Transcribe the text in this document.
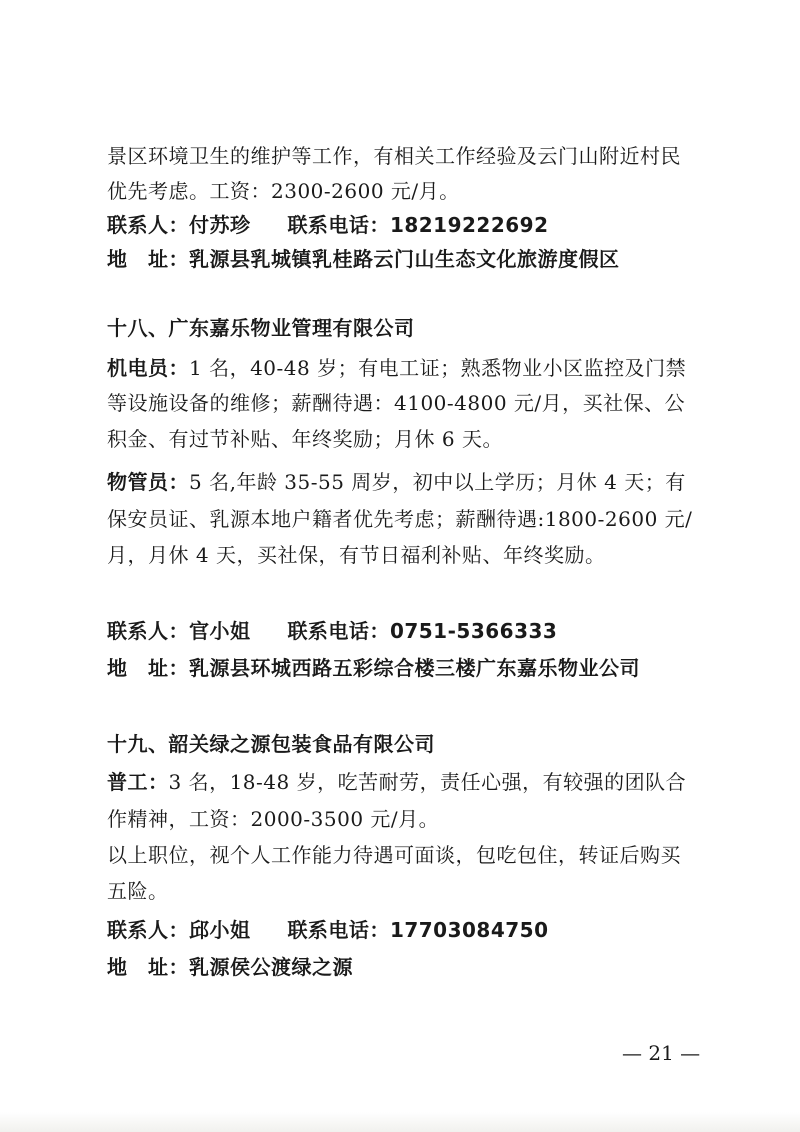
景区环境卫生的维护等工作，有相关工作经验及云门山附近村民
优先考虑。工资：2300-2600 元/月。
联系人：付苏珍 联系电话：18219222692
地　址：乳源县乳城镇乳桂路云门山生态文化旅游度假区
十八、广东嘉乐物业管理有限公司
机电员：1 名，40-48 岁；有电工证；熟悉物业小区监控及门禁
等设施设备的维修；薪酬待遇：4100-4800 元/月，买社保、公
积金、有过节补贴、年终奖励；月休 6 天。
物管员：5 名,年龄 35-55 周岁，初中以上学历；月休 4 天；有
保安员证、乳源本地户籍者优先考虑；薪酬待遇:1800-2600 元/
月，月休 4 天，买社保，有节日福利补贴、年终奖励。
联系人：官小姐 联系电话：0751-5366333
地　址：乳源县环城西路五彩综合楼三楼广东嘉乐物业公司
十九、韶关绿之源包装食品有限公司
普工：3 名，18-48 岁，吃苦耐劳，责任心强，有较强的团队合
作精神，工资：2000-3500 元/月。
以上职位，视个人工作能力待遇可面谈，包吃包住，转证后购买
五险。
联系人：邱小姐 联系电话：17703084750
地　址：乳源侯公渡绿之源
— 21 —
